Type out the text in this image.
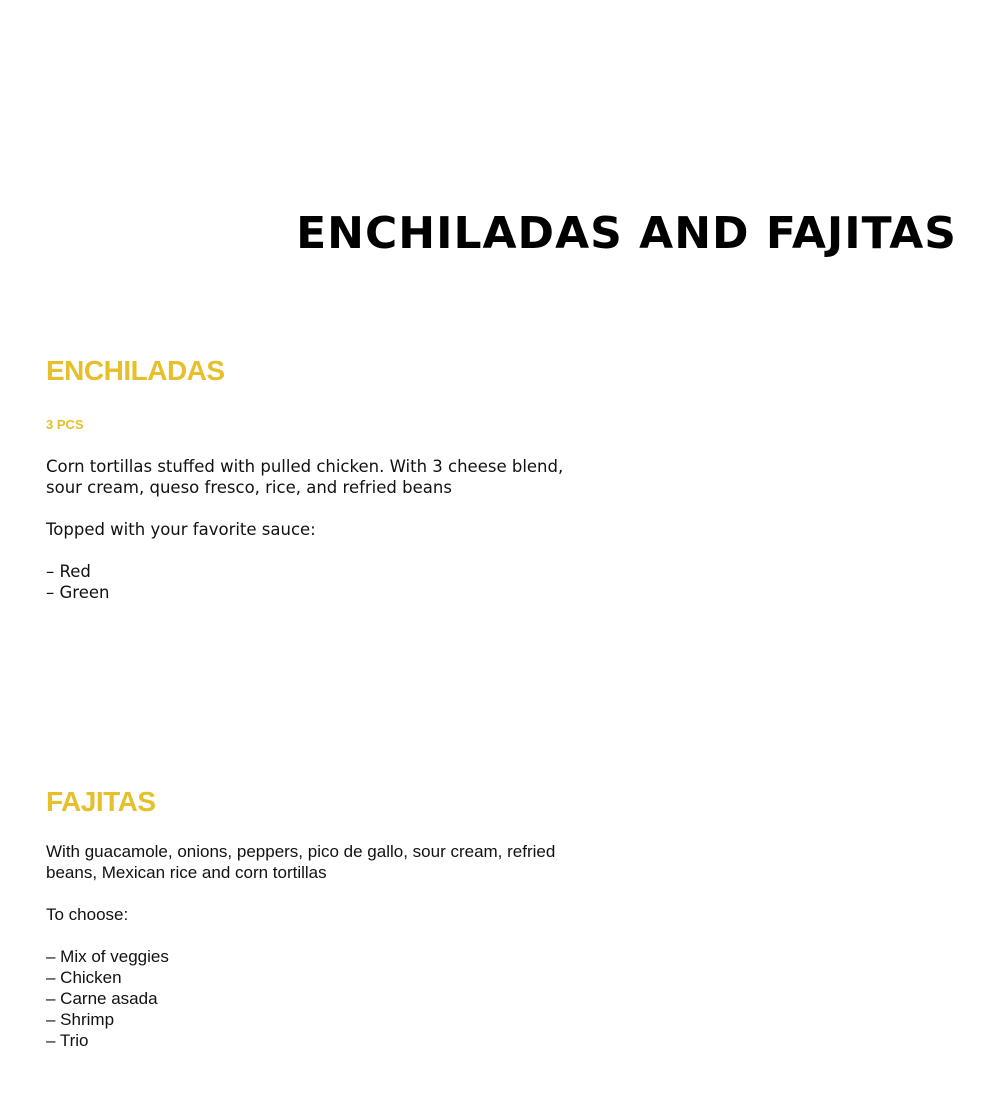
ENCHILADAS AND FAJITAS
ENCHILADAS
3 PCS

Corn tortillas stuffed with pulled chicken. With 3 cheese blend, sour cream, queso fresco, rice, and refried beans

Topped with your favorite sauce:

– Red
– Green
FAJITAS

With guacamole, onions, peppers, pico de gallo, sour cream, refried beans, Mexican rice and corn tortillas

To choose:

– Mix of veggies
– Chicken
– Carne asada
– Shrimp
– Trio
